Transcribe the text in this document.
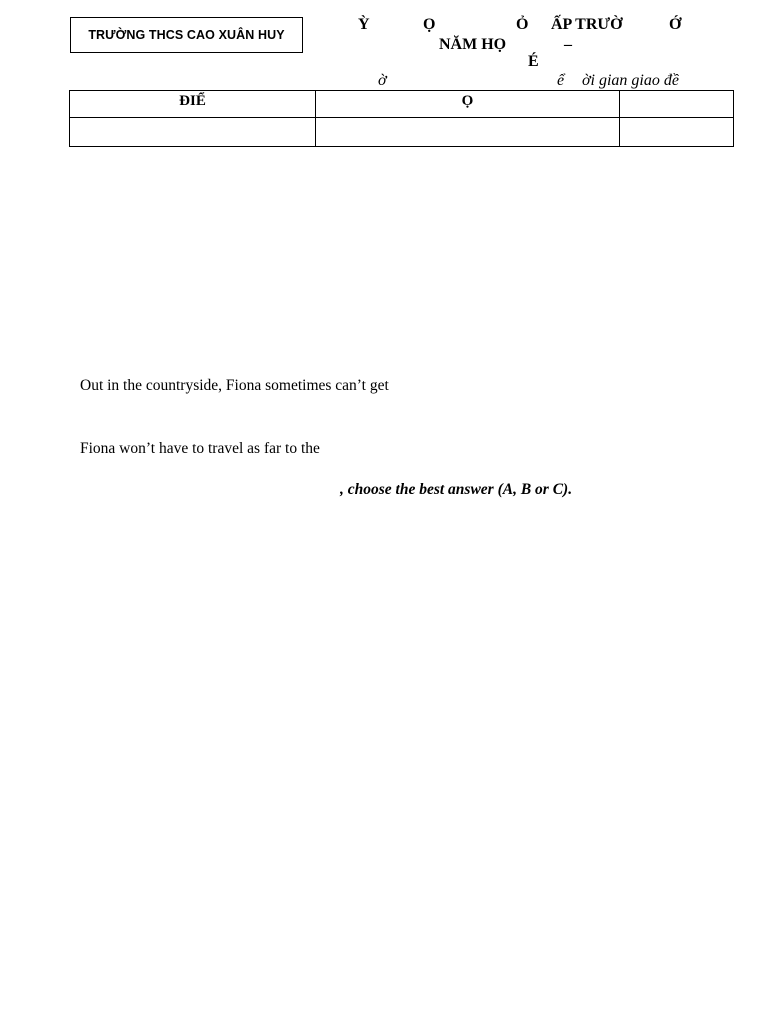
TRƯỜNG THCS CAO XUÂN HUY
Ỳ	Ọ	Ỏ ẤP TRƯỜ	Ớ
NĂM HỌ	–
É
ờ	ể ời gian giao đề
ĐIỂ	Ọ	

Out in the countryside, Fiona sometimes can’t get
Fiona won’t have to travel as far to the
, choose the best answer (A, B or C).
